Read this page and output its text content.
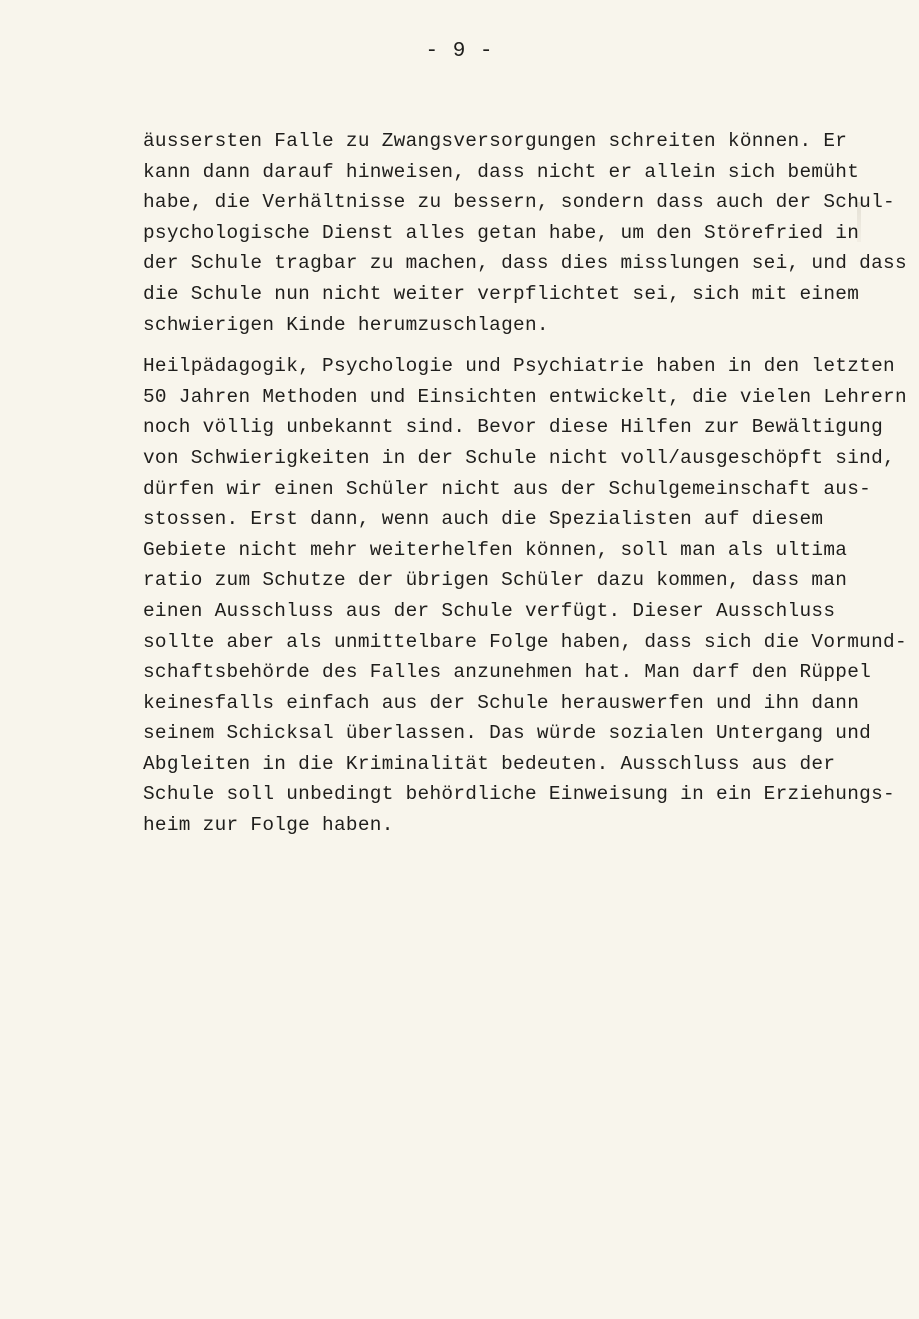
- 9 -
äussersten Falle zu Zwangsversorgungen schreiten können. Er
kann dann darauf hinweisen, dass nicht er allein sich bemüht
habe, die Verhältnisse zu bessern, sondern dass auch der Schul-
psychologische Dienst alles getan habe, um den Störefried in
der Schule tragbar zu machen, dass dies misslungen sei, und dass
die Schule nun nicht weiter verpflichtet sei, sich mit einem
schwierigen Kinde herumzuschlagen.
Heilpädagogik, Psychologie und Psychiatrie haben in den letzten
50 Jahren Methoden und Einsichten entwickelt, die vielen Lehrern
noch völlig unbekannt sind. Bevor diese Hilfen zur Bewältigung
von Schwierigkeiten in der Schule nicht voll/ausgeschöpft sind,
dürfen wir einen Schüler nicht aus der Schulgemeinschaft aus-
stossen. Erst dann, wenn auch die Spezialisten auf diesem
Gebiete nicht mehr weiterhelfen können, soll man als ultima
ratio zum Schutze der übrigen Schüler dazu kommen, dass man
einen Ausschluss aus der Schule verfügt. Dieser Ausschluss
sollte aber als unmittelbare Folge haben, dass sich die Vormund-
schaftsbehörde des Falles anzunehmen hat. Man darf den Rüppel
keinesfalls einfach aus der Schule herauswerfen und ihn dann
seinem Schicksal überlassen. Das würde sozialen Untergang und
Abgleiten in die Kriminalität bedeuten. Ausschluss aus der
Schule soll unbedingt behördliche Einweisung in ein Erziehungs-
heim zur Folge haben.
